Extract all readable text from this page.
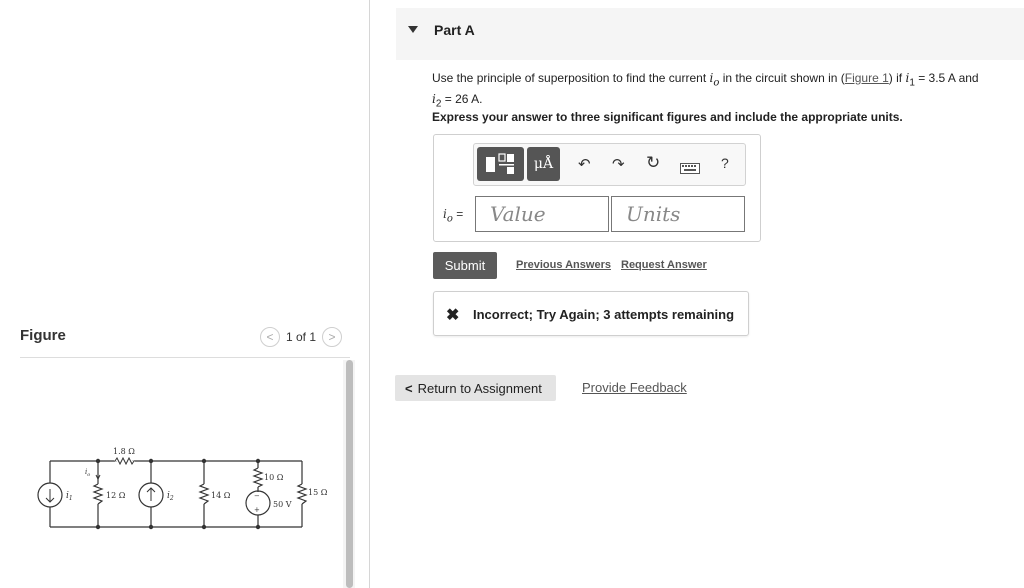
Figure	< 1 of 1 >
1.8 Ω
12 Ω	14 Ω
10 Ω
15 Ω
50 V
−
+
$i_1$	$i_2$
$i_o$
Part A
Use the principle of superposition to find the current $i_o$ in the circuit shown in (Figure 1) if $i_1 = 3.5$ A and
$i_2 = 26$ A.
Express your answer to three significant figures and include the appropriate units.
μÅ	↶ ↷ ↻	?
$i_o$ =	Value	Units
Submit	Previous Answers Request Answer
✖ Incorrect; Try Again; 3 attempts remaining
< Return to Assignment	Provide Feedback
